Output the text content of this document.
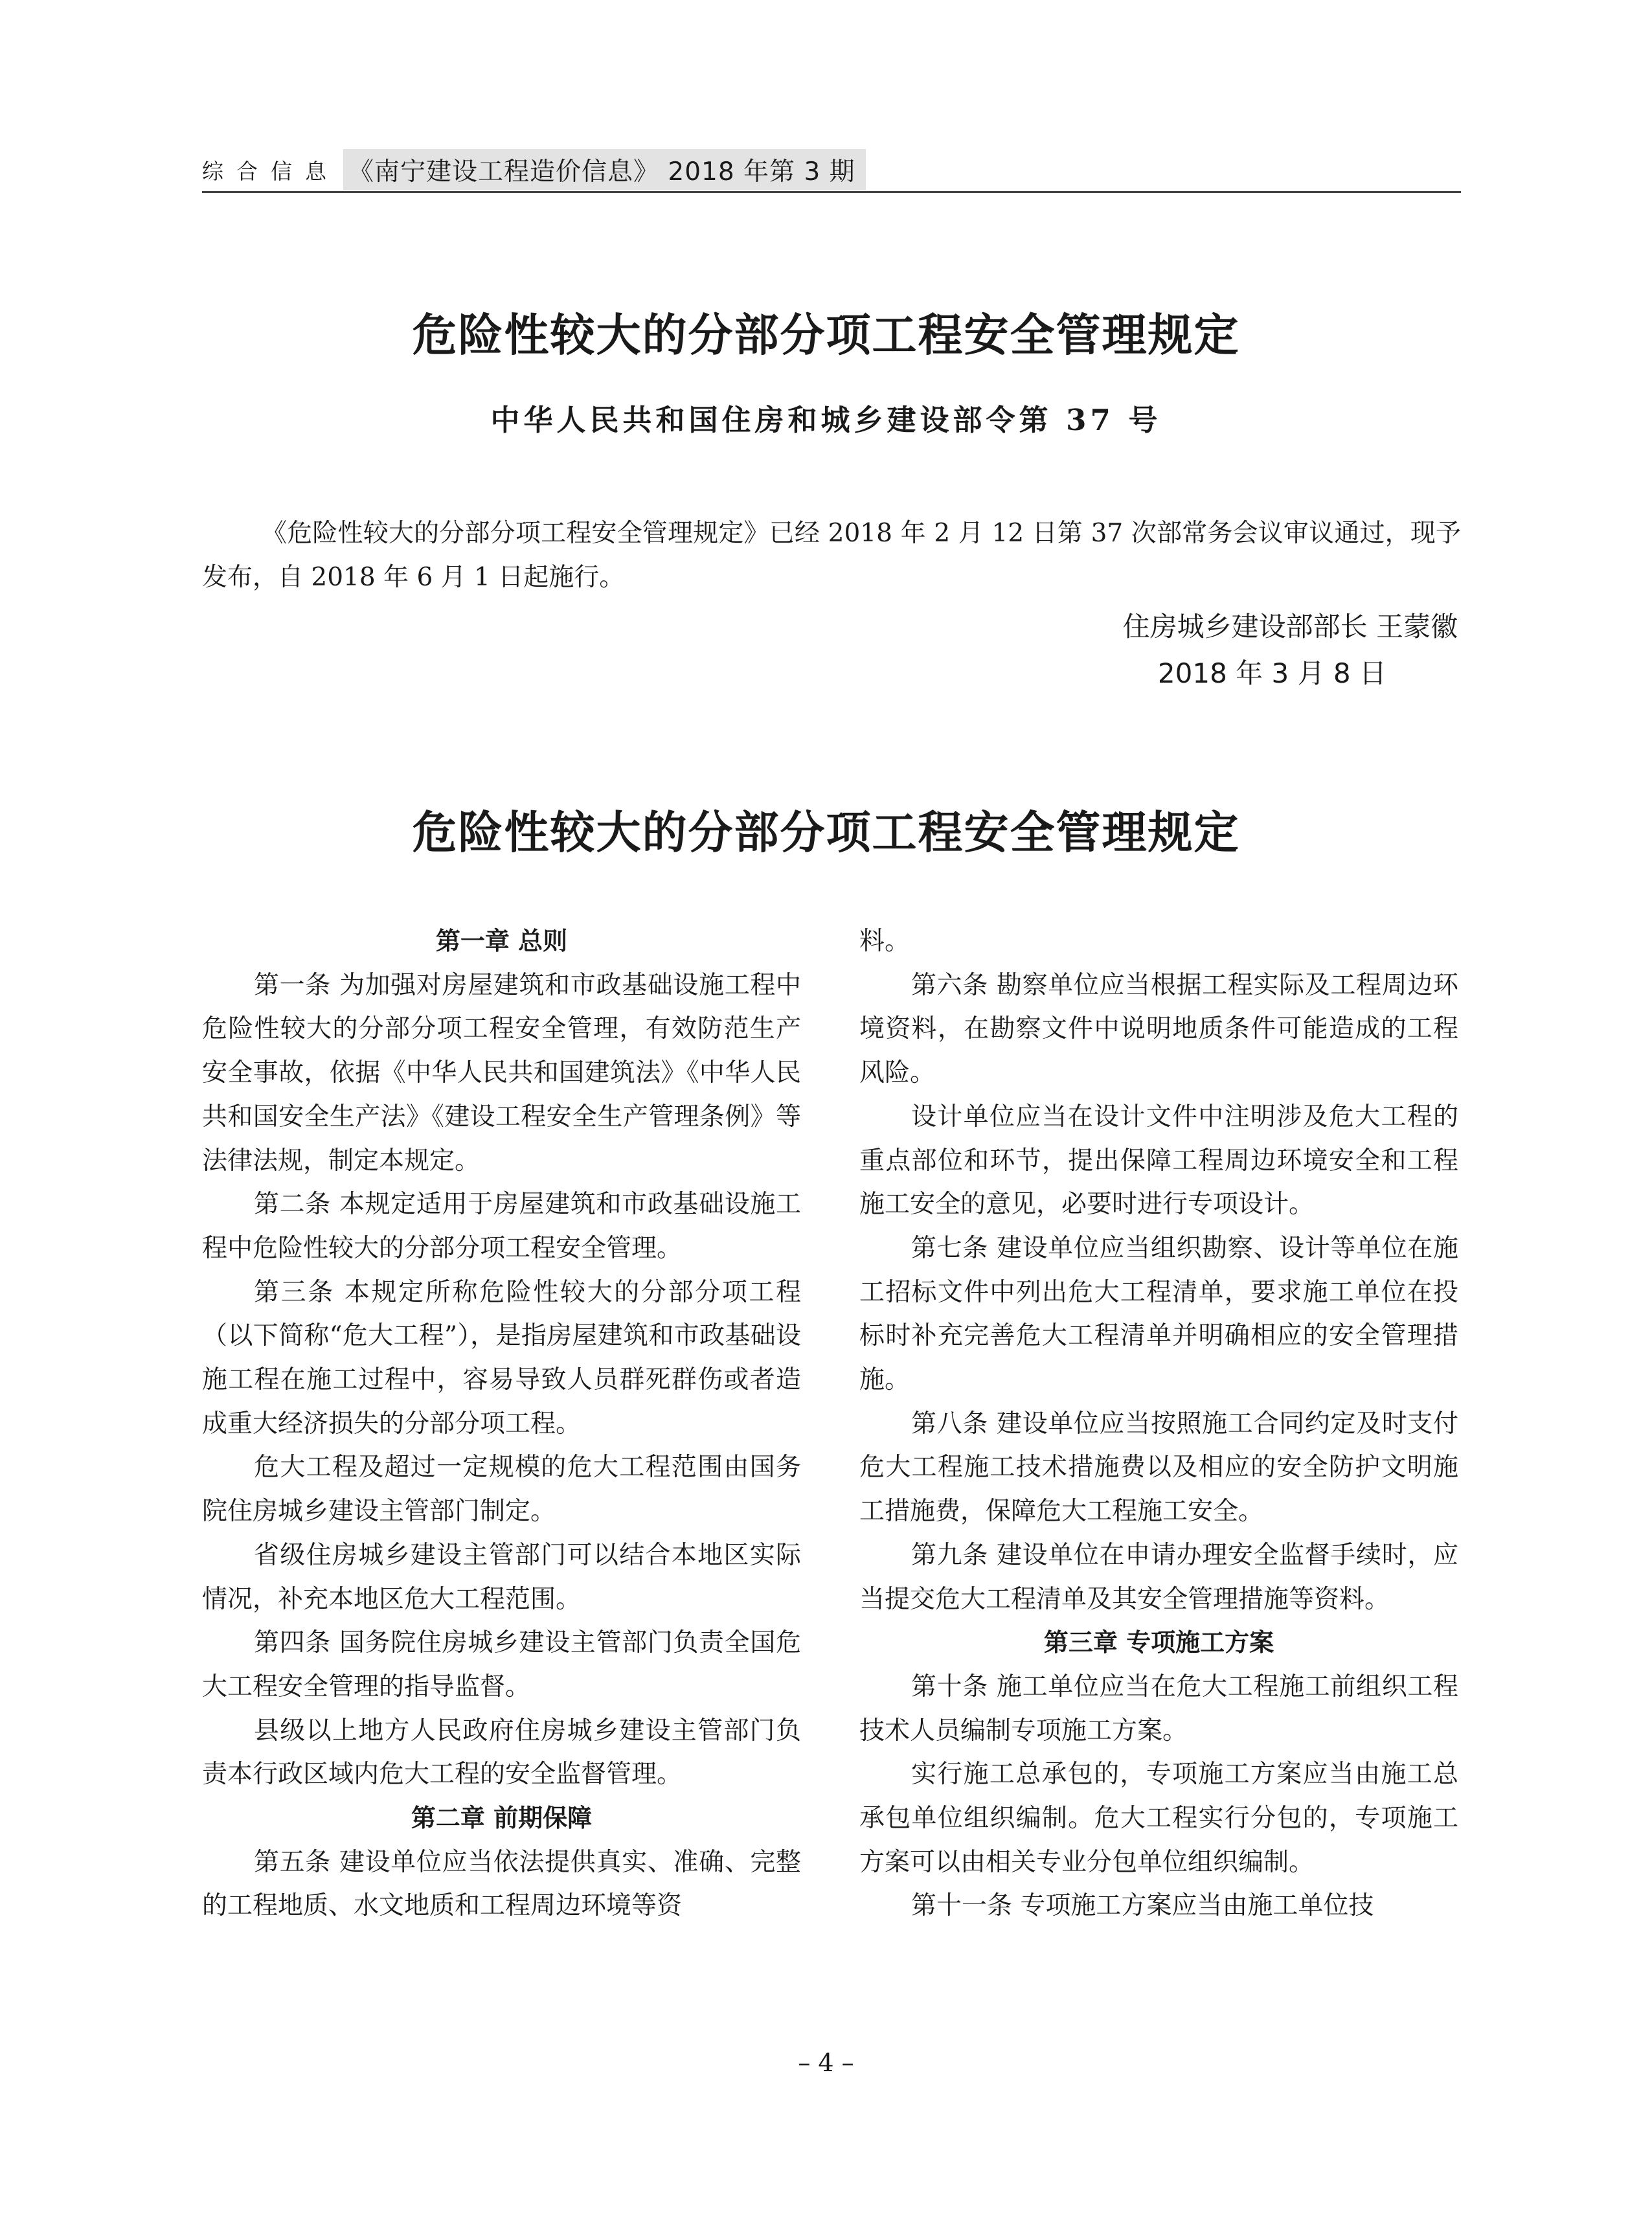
综合信息 《南宁建设工程造价信息》 2018 年第 3 期
危险性较大的分部分项工程安全管理规定
中华人民共和国住房和城乡建设部令第 37 号

《危险性较大的分部分项工程安全管理规定》已经 2018 年 2 月 12 日第 37 次部常务会议审议通过，现予发布，自 2018 年 6 月 1 日起施行。

住房城乡建设部部长 王蒙徽
2018 年 3 月 8 日
危险性较大的分部分项工程安全管理规定
第一章 总则

第一条 为加强对房屋建筑和市政基础设施工程中危险性较大的分部分项工程安全管理，有效防范生产安全事故，依据《中华人民共和国建筑法》《中华人民共和国安全生产法》《建设工程安全生产管理条例》等法律法规，制定本规定。

第二条 本规定适用于房屋建筑和市政基础设施工程中危险性较大的分部分项工程安全管理。

第三条 本规定所称危险性较大的分部分项工程（以下简称“危大工程”），是指房屋建筑和市政基础设施工程在施工过程中，容易导致人员群死群伤或者造成重大经济损失的分部分项工程。

危大工程及超过一定规模的危大工程范围由国务院住房城乡建设主管部门制定。

省级住房城乡建设主管部门可以结合本地区实际情况，补充本地区危大工程范围。

第四条 国务院住房城乡建设主管部门负责全国危大工程安全管理的指导监督。

县级以上地方人民政府住房城乡建设主管部门负责本行政区域内危大工程的安全监督管理。

第二章 前期保障

第五条 建设单位应当依法提供真实、准确、完整的工程地质、水文地质和工程周边环境等资

料。

第六条 勘察单位应当根据工程实际及工程周边环境资料，在勘察文件中说明地质条件可能造成的工程风险。

设计单位应当在设计文件中注明涉及危大工程的重点部位和环节，提出保障工程周边环境安全和工程施工安全的意见，必要时进行专项设计。

第七条 建设单位应当组织勘察、设计等单位在施工招标文件中列出危大工程清单，要求施工单位在投标时补充完善危大工程清单并明确相应的安全管理措施。

第八条 建设单位应当按照施工合同约定及时支付危大工程施工技术措施费以及相应的安全防护文明施工措施费，保障危大工程施工安全。

第九条 建设单位在申请办理安全监督手续时，应当提交危大工程清单及其安全管理措施等资料。

第三章 专项施工方案

第十条 施工单位应当在危大工程施工前组织工程技术人员编制专项施工方案。

实行施工总承包的，专项施工方案应当由施工总承包单位组织编制。危大工程实行分包的，专项施工方案可以由相关专业分包单位组织编制。

第十一条 专项施工方案应当由施工单位技

– 4 –
